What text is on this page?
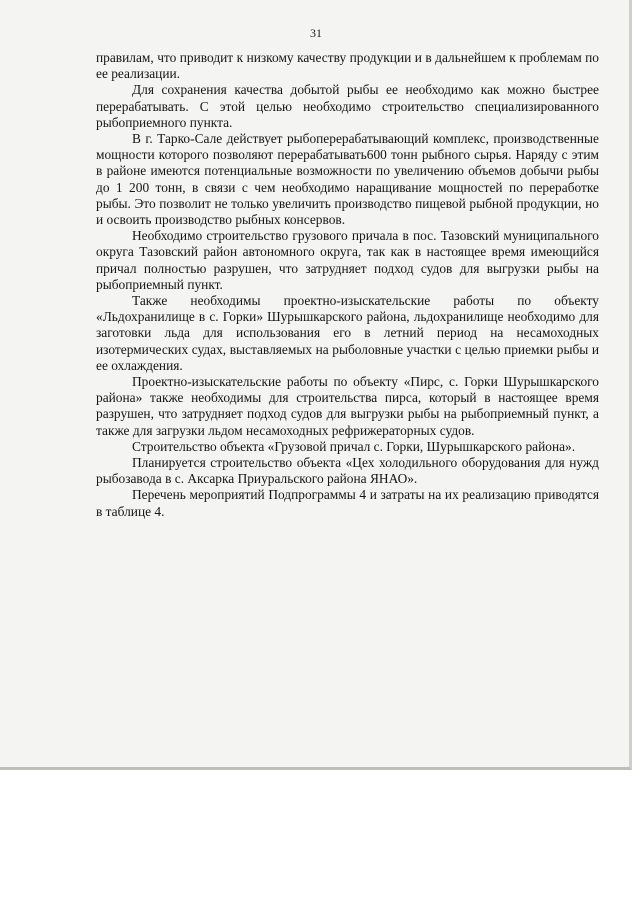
31

правилам, что приводит к низкому качеству продукции и в дальнейшем к проблемам по ее реализации.

Для сохранения качества добытой рыбы ее необходимо как можно быстрее перерабатывать. С этой целью необходимо строительство специализированного рыбоприемного пункта.

В г. Тарко-Сале действует рыбоперерабатывающий комплекс, производственные мощности которого позволяют перерабатывать600 тонн рыбного сырья. Наряду с этим в районе имеются потенциальные возможности по увеличению объемов добычи рыбы до 1 200 тонн, в связи с чем необходимо наращивание мощностей по переработке рыбы. Это позволит не только увеличить производство пищевой рыбной продукции, но и освоить производство рыбных консервов.

Необходимо строительство грузового причала в пос. Тазовский муниципального округа Тазовский район автономного округа, так как в настоящее время имеющийся причал полностью разрушен, что затрудняет подход судов для выгрузки рыбы на рыбоприемный пункт.

Также необходимы проектно-изыскательские работы по объекту «Льдохранилище в с. Горки» Шурышкарского района, льдохранилище необходимо для заготовки льда для использования его в летний период на несамоходных изотермических судах, выставляемых на рыболовные участки с целью приемки рыбы и ее охлаждения.

Проектно-изыскательские работы по объекту «Пирс, с. Горки Шурышкарского района» также необходимы для строительства пирса, который в настоящее время разрушен, что затрудняет подход судов для выгрузки рыбы на рыбоприемный пункт, а также для загрузки льдом несамоходных рефрижераторных судов.

Строительство объекта «Грузовой причал с. Горки, Шурышкарского района».

Планируется строительство объекта «Цех холодильного оборудования для нужд рыбозавода в с. Аксарка Приуральского района ЯНАО».

Перечень мероприятий Подпрограммы 4 и затраты на их реализацию приводятся в таблице 4.
